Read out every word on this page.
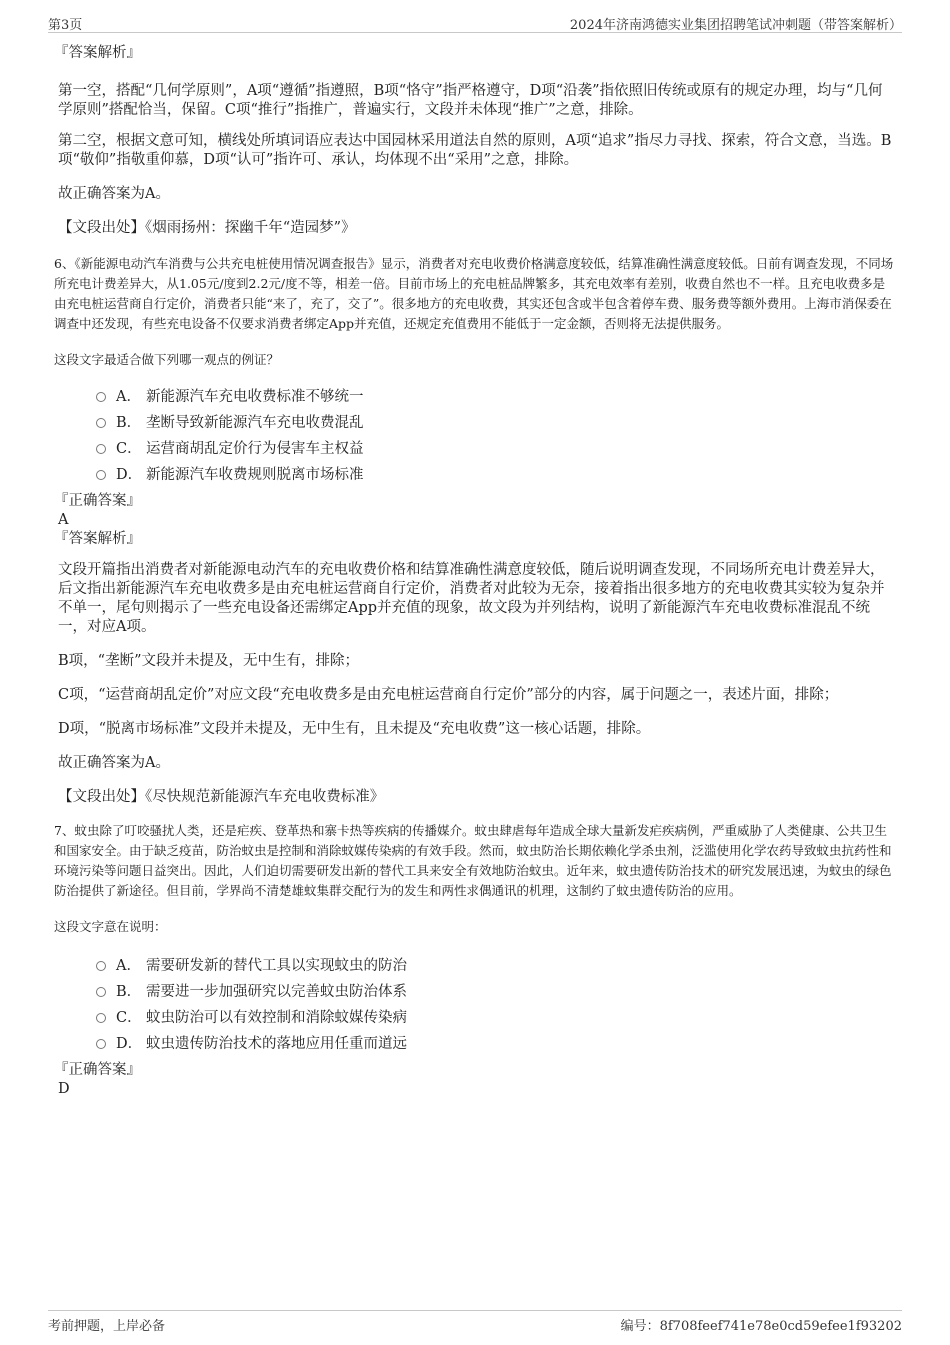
第3页	2024年济南鸿德实业集团招聘笔试冲刺题（带答案解析）

『答案解析』

第一空，搭配“几何学原则”，A项“遵循”指遵照，B项“恪守”指严格遵守，D项“沿袭”指依照旧传统或原有的规定办理，均与“几何学原则”搭配恰当，保留。C项“推行”指推广，普遍实行，文段并未体现“推广”之意，排除。

第二空，根据文意可知，横线处所填词语应表达中国园林采用道法自然的原则，A项“追求”指尽力寻找、探索，符合文意，当选。B项“敬仰”指敬重仰慕，D项“认可”指许可、承认，均体现不出“采用”之意，排除。

故正确答案为A。

【文段出处】《烟雨扬州：探幽千年“造园梦”》

6、《新能源电动汽车消费与公共充电桩使用情况调查报告》显示，消费者对充电收费价格满意度较低，结算准确性满意度较低。日前有调查发现，不同场所充电计费差异大，从1.05元/度到2.2元/度不等，相差一倍。目前市场上的充电桩品牌繁多，其充电效率有差别，收费自然也不一样。且充电收费多是由充电桩运营商自行定价，消费者只能“来了，充了，交了”。很多地方的充电收费，其实还包含或半包含着停车费、服务费等额外费用。上海市消保委在调查中还发现，有些充电设备不仅要求消费者绑定App并充值，还规定充值费用不能低于一定金额，否则将无法提供服务。

这段文字最适合做下列哪一观点的例证？

A． 新能源汽车充电收费标准不够统一
B． 垄断导致新能源汽车充电收费混乱
C． 运营商胡乱定价行为侵害车主权益
D． 新能源汽车收费规则脱离市场标准

『正确答案』

A

『答案解析』

文段开篇指出消费者对新能源电动汽车的充电收费价格和结算准确性满意度较低，随后说明调查发现，不同场所充电计费差异大，后文指出新能源汽车充电收费多是由充电桩运营商自行定价，消费者对此较为无奈，接着指出很多地方的充电收费其实较为复杂并不单一，尾句则揭示了一些充电设备还需绑定App并充值的现象，故文段为并列结构，说明了新能源汽车充电收费标准混乱不统一，对应A项。

B项，“垄断”文段并未提及，无中生有，排除；

C项，“运营商胡乱定价”对应文段“充电收费多是由充电桩运营商自行定价”部分的内容，属于问题之一，表述片面，排除；

D项，“脱离市场标准”文段并未提及，无中生有，且未提及“充电收费”这一核心话题，排除。

故正确答案为A。

【文段出处】《尽快规范新能源汽车充电收费标准》

7、蚊虫除了叮咬骚扰人类，还是疟疾、登革热和寨卡热等疾病的传播媒介。蚊虫肆虐每年造成全球大量新发疟疾病例，严重威胁了人类健康、公共卫生和国家安全。由于缺乏疫苗，防治蚊虫是控制和消除蚊媒传染病的有效手段。然而，蚊虫防治长期依赖化学杀虫剂，泛滥使用化学农药导致蚊虫抗药性和环境污染等问题日益突出。因此，人们迫切需要研发出新的替代工具来安全有效地防治蚊虫。近年来，蚊虫遗传防治技术的研究发展迅速，为蚊虫的绿色防治提供了新途径。但目前，学界尚不清楚雄蚊集群交配行为的发生和两性求偶通讯的机理，这制约了蚊虫遗传防治的应用。

这段文字意在说明：

A． 需要研发新的替代工具以实现蚊虫的防治
B． 需要进一步加强研究以完善蚊虫防治体系
C． 蚊虫防治可以有效控制和消除蚊媒传染病
D． 蚊虫遗传防治技术的落地应用任重而道远

『正确答案』

D

考前押题，上岸必备	编号：8f708feef741e78e0cd59efee1f93202
